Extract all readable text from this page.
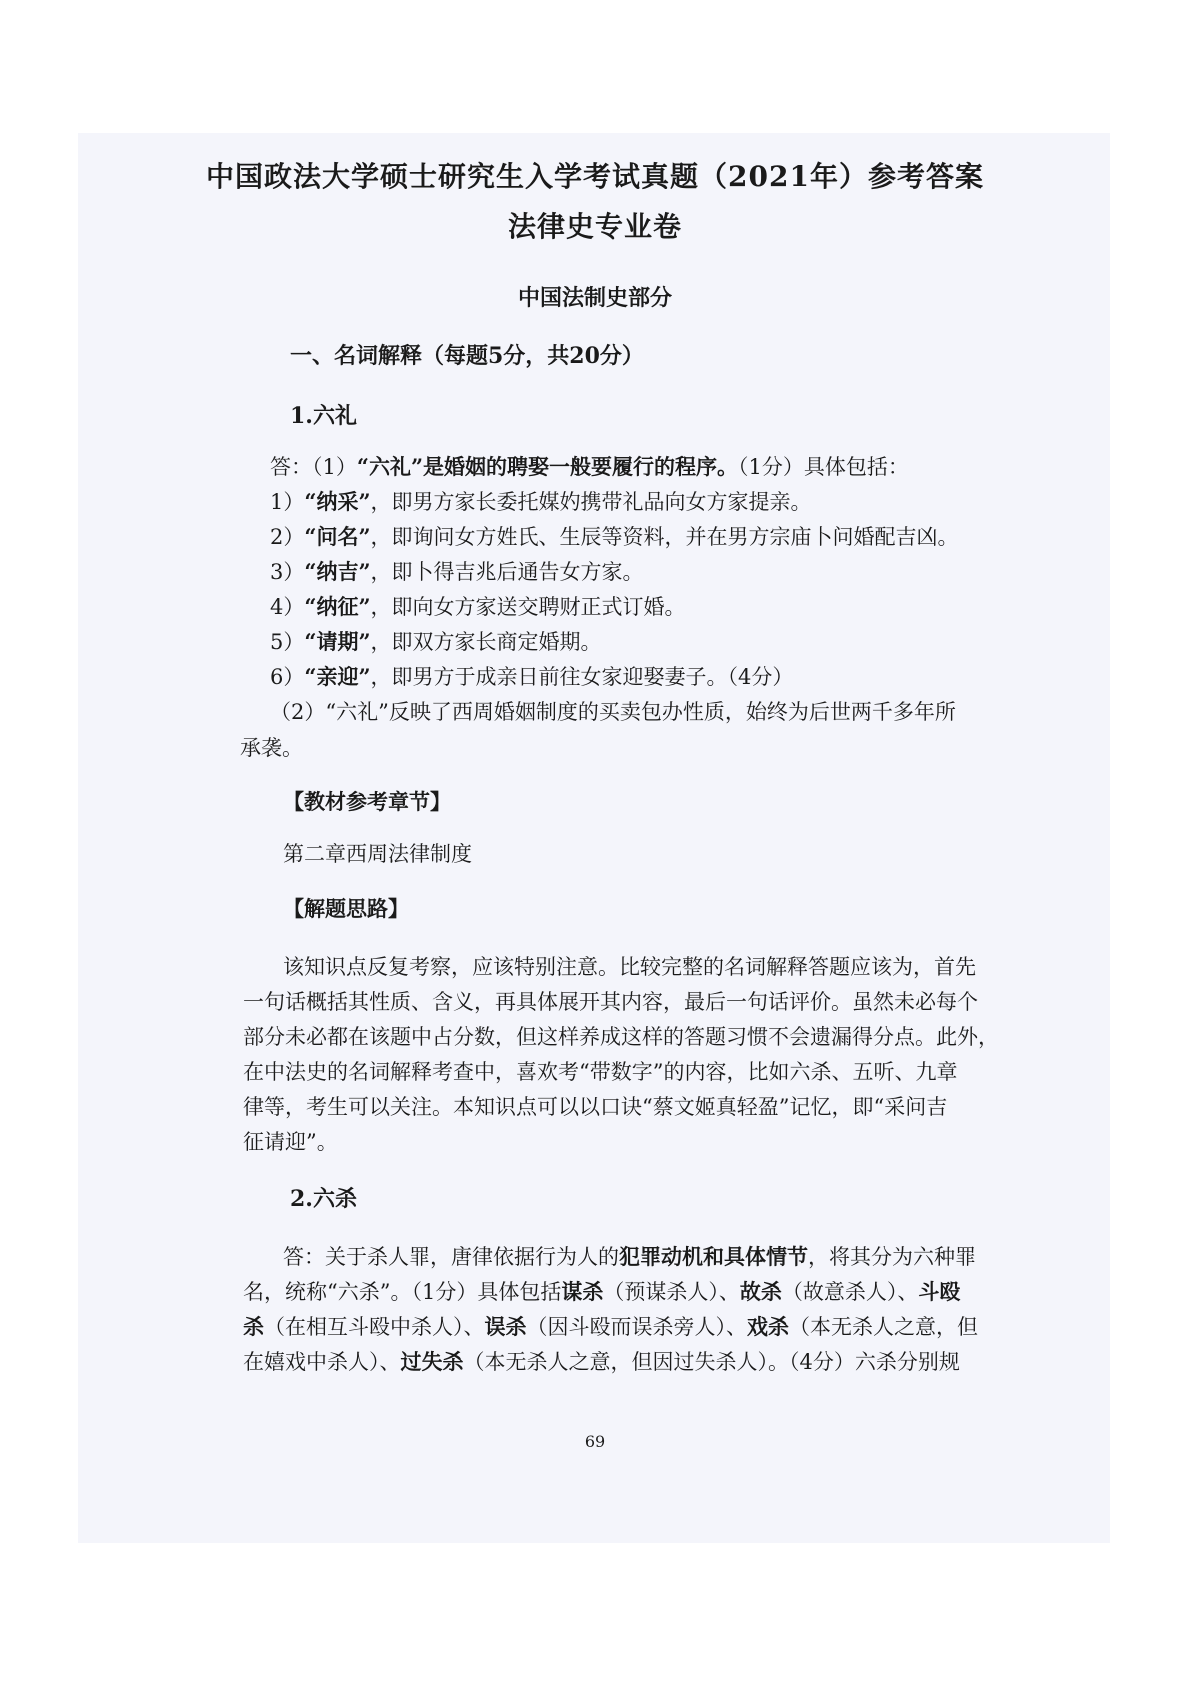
中国政法大学硕士研究生入学考试真题（2021年）参考答案
法律史专业卷
中国法制史部分
一、名词解释（每题5分，共20分）
1.六礼
答：（1）“六礼”是婚姻的聘娶一般要履行的程序。（1分）具体包括：
1）“纳采”，即男方家长委托媒妁携带礼品向女方家提亲。
2）“问名”，即询问女方姓氏、生辰等资料，并在男方宗庙卜问婚配吉凶。
3）“纳吉”，即卜得吉兆后通告女方家。
4）“纳征”，即向女方家送交聘财正式订婚。
5）“请期”，即双方家长商定婚期。
6）“亲迎”，即男方于成亲日前往女家迎娶妻子。（4分）
（2）“六礼”反映了西周婚姻制度的买卖包办性质，始终为后世两千多年所
承袭。
【教材参考章节】
第二章西周法律制度
【解题思路】
该知识点反复考察，应该特别注意。比较完整的名词解释答题应该为，首先
一句话概括其性质、含义，再具体展开其内容，最后一句话评价。虽然未必每个
部分未必都在该题中占分数，但这样养成这样的答题习惯不会遗漏得分点。此外，
在中法史的名词解释考查中，喜欢考“带数字”的内容，比如六杀、五听、九章
律等，考生可以关注。本知识点可以以口诀“蔡文姬真轻盈”记忆，即“采问吉
征请迎”。
2.六杀
答：关于杀人罪，唐律依据行为人的犯罪动机和具体情节，将其分为六种罪
名，统称“六杀”。（1分）具体包括谋杀（预谋杀人）、故杀（故意杀人）、斗殴
杀（在相互斗殴中杀人）、误杀（因斗殴而误杀旁人）、戏杀（本无杀人之意，但
在嬉戏中杀人）、过失杀（本无杀人之意，但因过失杀人）。（4分）六杀分别规
69
